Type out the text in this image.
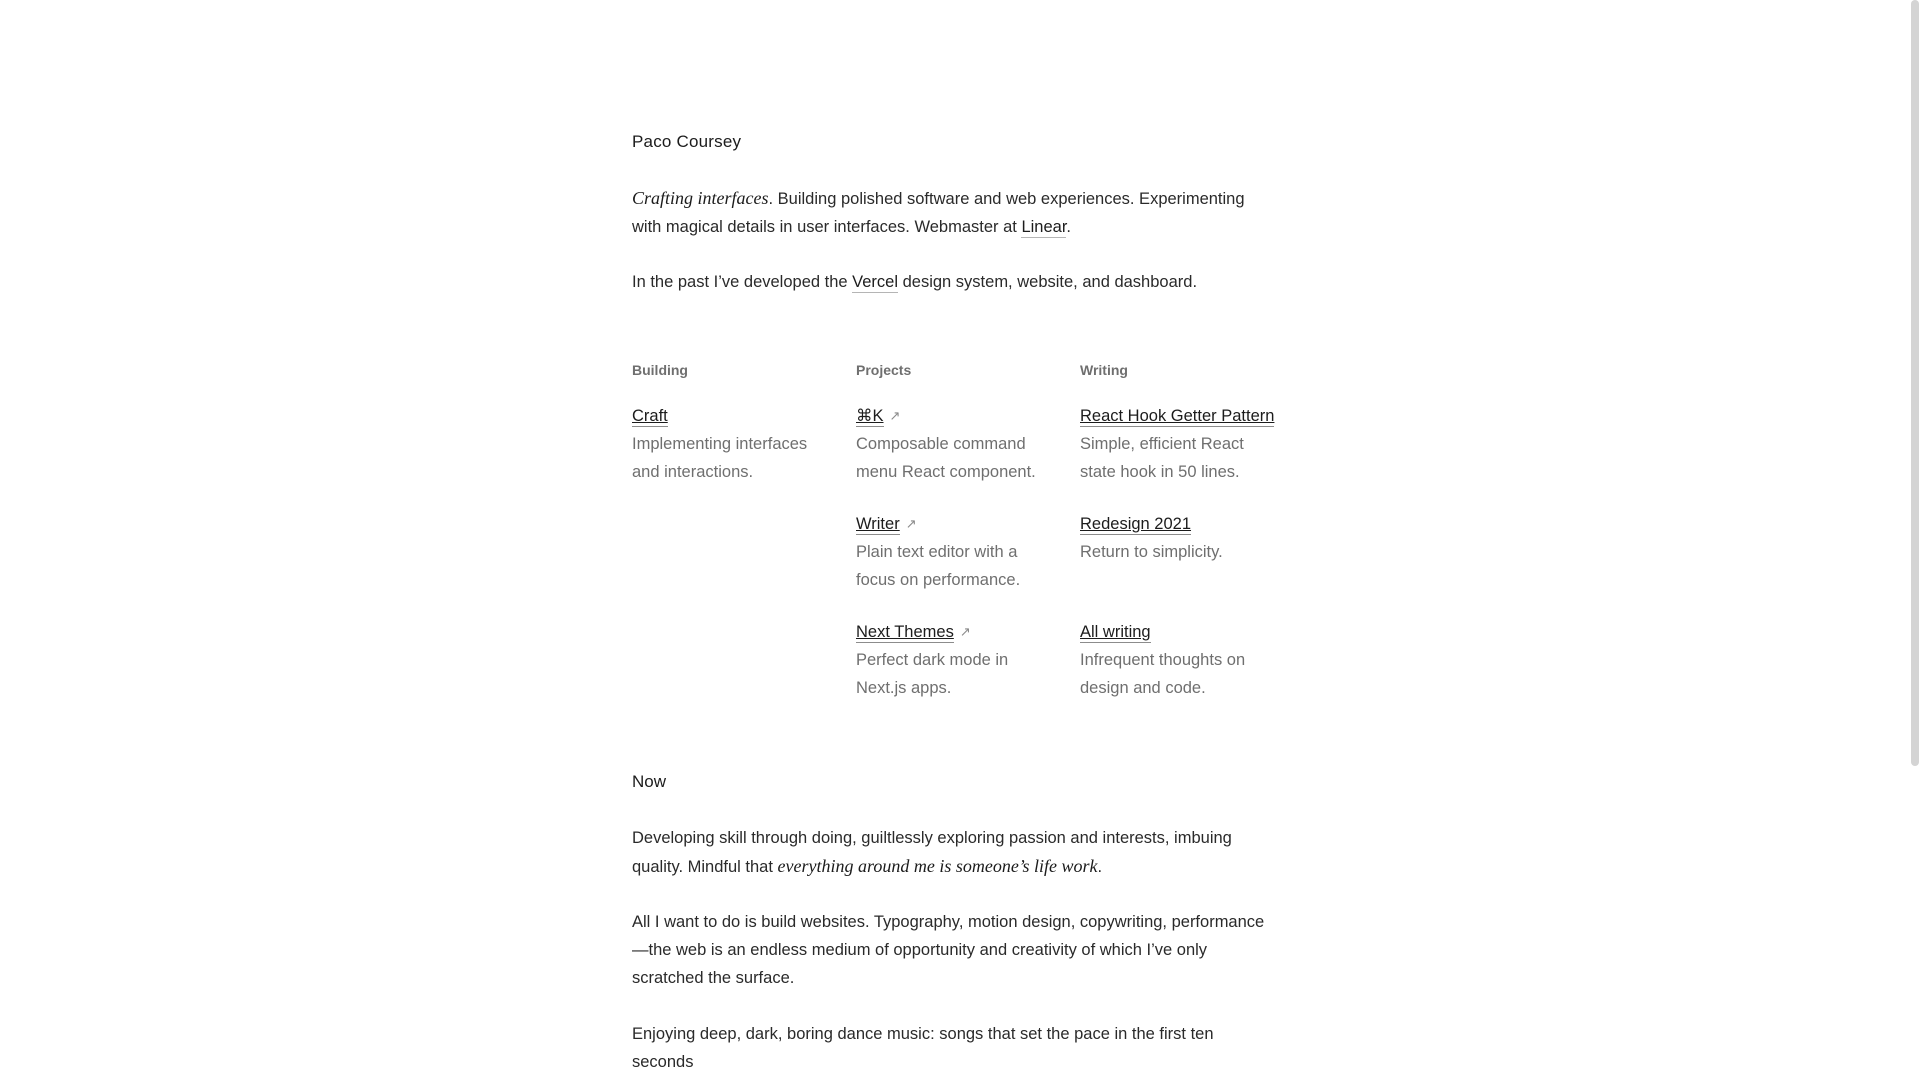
Paco Coursey

Crafting interfaces. Building polished software and web experiences. Experimenting with magical details in user interfaces. Webmaster at Linear.

In the past I’ve developed the Vercel design system, website, and dashboard.

Building
Craft

Implementing interfaces and interactions.

Projects
⌘K ↗

Composable command menu React component.

Writer ↗

Plain text editor with a focus on performance.

Next Themes ↗

Perfect dark mode in Next.js apps.

Writing
React Hook Getter Pattern

Simple, efficient React state hook in 50 lines.

Redesign 2021

Return to simplicity.

All writing

Infrequent thoughts on design and code.

Now

Developing skill through doing, guiltlessly exploring passion and interests, imbuing quality. Mindful that everything around me is someone’s life work.

All I want to do is build websites. Typography, motion design, copywriting, performance—the web is an endless medium of opportunity and creativity of which I’ve only scratched the surface.

Enjoying deep, dark, boring dance music: songs that set the pace in the first ten seconds
